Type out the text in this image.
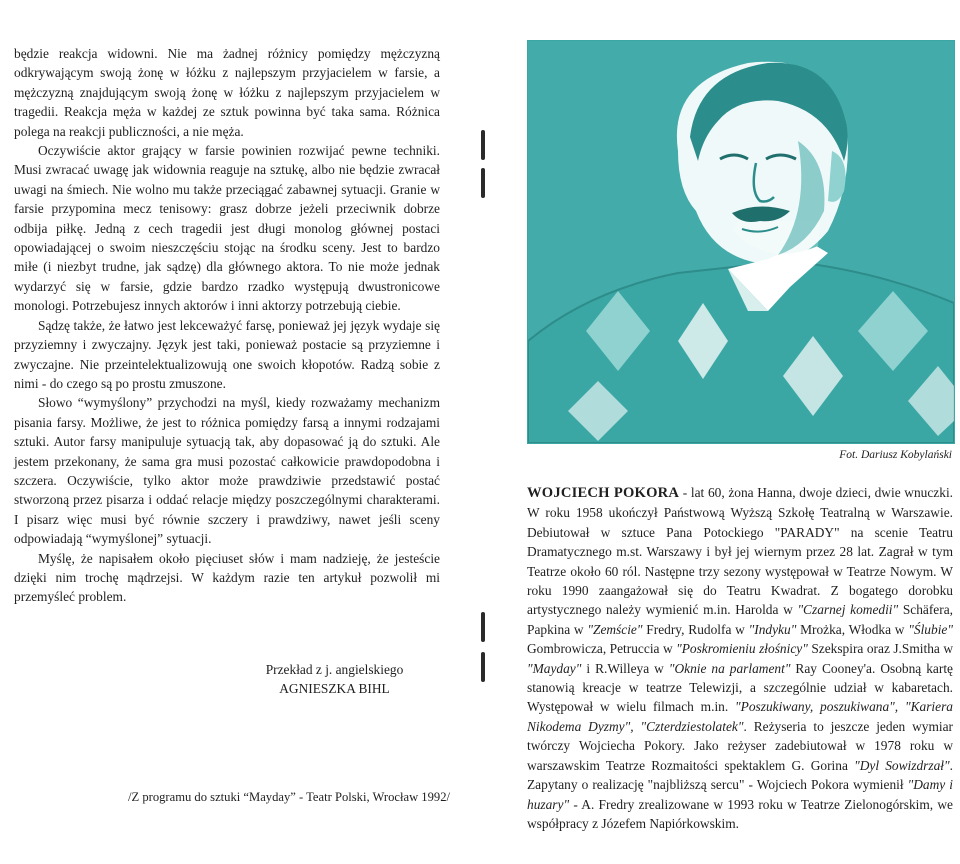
będzie reakcja widowni. Nie ma żadnej różnicy pomiędzy mężczyzną odkrywającym swoją żonę w łóżku z najlepszym przyjacielem w farsie, a mężczyzną znajdującym swoją żonę w łóżku z najlepszym przyjacielem w tragedii. Reakcja męża w każdej ze sztuk powinna być taka sama. Różnica polega na reakcji publiczności, a nie męża.

Oczywiście aktor grający w farsie powinien rozwijać pewne techniki. Musi zwracać uwagę jak widownia reaguje na sztukę, albo nie będzie zwracał uwagi na śmiech. Nie wolno mu także przeciągać zabawnej sytuacji. Granie w farsie przypomina mecz tenisowy: grasz dobrze jeżeli przeciwnik dobrze odbija piłkę. Jedną z cech tragedii jest długi monolog głównej postaci opowiadającej o swoim nieszczęściu stojąc na środku sceny. Jest to bardzo miłe (i niezbyt trudne, jak sądzę) dla głównego aktora. To nie może jednak wydarzyć się w farsie, gdzie bardzo rzadko występują dwustronicowe monologi. Potrzebujesz innych aktorów i inni aktorzy potrzebują ciebie.

Sądzę także, że łatwo jest lekceważyć farsę, ponieważ jej język wydaje się przyziemny i zwyczajny. Język jest taki, ponieważ postacie są przyziemne i zwyczajne. Nie przeintelektualizowują one swoich kłopotów. Radzą sobie z nimi - do czego są po prostu zmuszone.

Słowo “wymyślony” przychodzi na myśl, kiedy rozważamy mechanizm pisania farsy. Możliwe, że jest to różnica pomiędzy farsą a innymi rodzajami sztuki. Autor farsy manipuluje sytuacją tak, aby dopasować ją do sztuki. Ale jestem przekonany, że sama gra musi pozostać całkowicie prawdopodobna i szczera. Oczywiście, tylko aktor może prawdziwie przedstawić postać stworzoną przez pisarza i oddać relacje między poszczególnymi charakterami. I pisarz więc musi być równie szczery i prawdziwy, nawet jeśli sceny odpowiadają “wymyślonej” sytuacji.

Myślę, że napisałem około pięciuset słów i mam nadzieję, że jesteście dzięki nim trochę mądrzejsi. W każdym razie ten artykuł pozwolił mi przemyśleć problem.

Przekład z j. angielskiego
AGNIESZKA BIHL
/Z programu do sztuki “Mayday” - Teatr Polski, Wrocław 1992/
Fot. Dariusz Kobylański

WOJCIECH POKORA - lat 60, żona Hanna, dwoje dzieci, dwie wnuczki. W roku 1958 ukończył Państwową Wyższą Szkołę Teatralną w Warszawie. Debiutował w sztuce Pana Potockiego "PARADY" na scenie Teatru Dramatycznego m.st. Warszawy i był jej wiernym przez 28 lat. Zagrał w tym Teatrze około 60 ról. Następne trzy sezony występował w Teatrze Nowym. W roku 1990 zaangażował się do Teatru Kwadrat. Z bogatego dorobku artystycznego należy wymienić m.in. Harolda w "Czarnej komedii" Schäfera, Papkina w "Zemście" Fredry, Rudolfa w "Indyku" Mrożka, Włodka w "Ślubie" Gombrowicza, Petruccia w "Poskromieniu złośnicy" Szekspira oraz J.Smitha w "Mayday" i R.Willeya w "Oknie na parlament" Ray Cooney'a. Osobną kartę stanowią kreacje w teatrze Telewizji, a szczególnie udział w kabaretach. Występował w wielu filmach m.in. "Poszukiwany, poszukiwana", "Kariera Nikodema Dyzmy", "Czterdziestolatek". Reżyseria to jeszcze jeden wymiar twórczy Wojciecha Pokory. Jako reżyser zadebiutował w 1978 roku w warszawskim Teatrze Rozmaitości spektaklem G. Gorina "Dyl Sowizdrzał". Zapytany o realizację "najbliższą sercu" - Wojciech Pokora wymienił "Damy i huzary" - A. Fredry zrealizowane w 1993 roku w Teatrze Zielonogórskim, we współpracy z Józefem Napiórkowskim.
